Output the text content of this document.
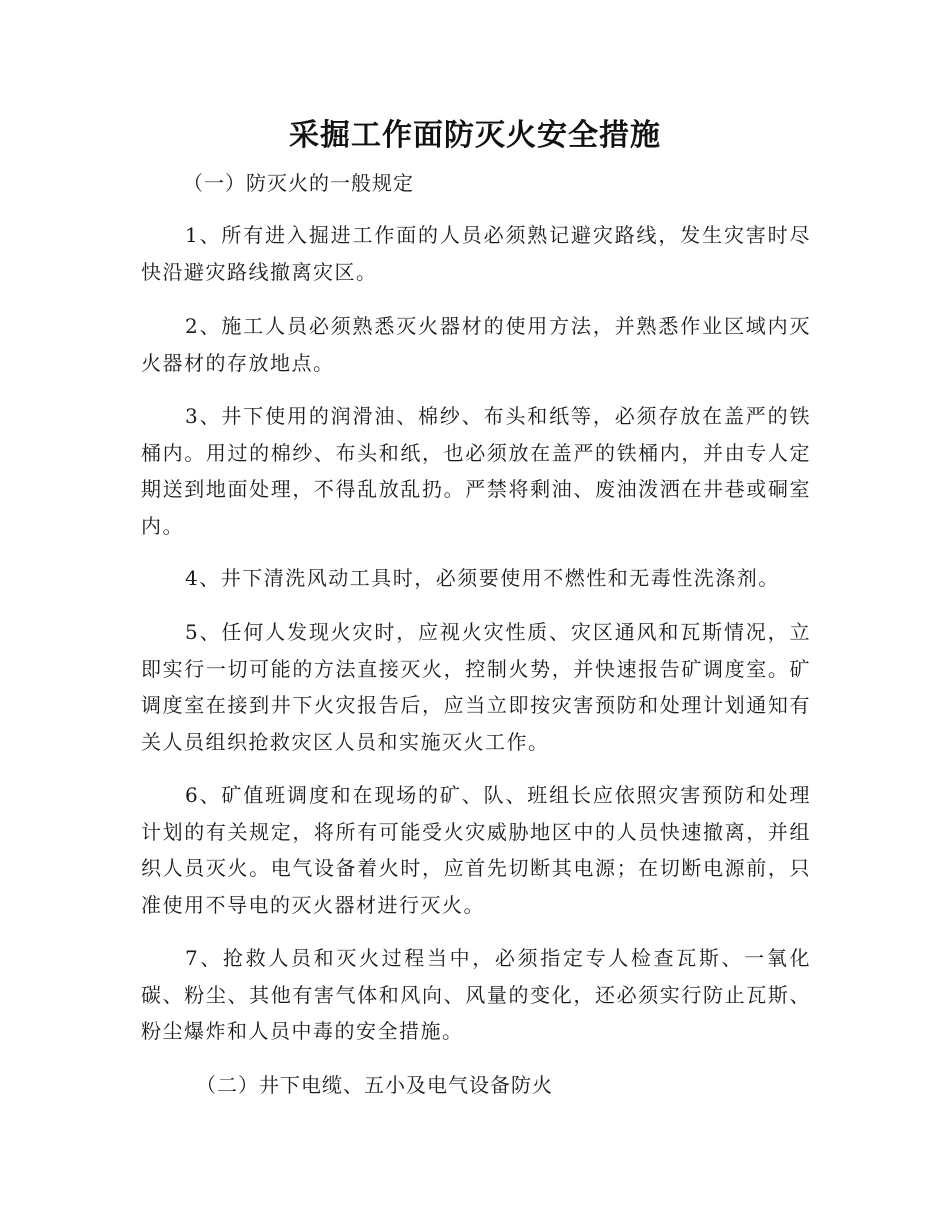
采掘工作面防灭火安全措施
（一）防灭火的一般规定

1、所有进入掘进工作面的人员必须熟记避灾路线，发生灾害时尽快沿避灾路线撤离灾区。

2、施工人员必须熟悉灭火器材的使用方法，并熟悉作业区域内灭火器材的存放地点。

3、井下使用的润滑油、棉纱、布头和纸等，必须存放在盖严的铁桶内。用过的棉纱、布头和纸，也必须放在盖严的铁桶内，并由专人定期送到地面处理，不得乱放乱扔。严禁将剩油、废油泼洒在井巷或硐室内。

4、井下清洗风动工具时，必须要使用不燃性和无毒性洗涤剂。

5、任何人发现火灾时，应视火灾性质、灾区通风和瓦斯情况，立即实行一切可能的方法直接灭火，控制火势，并快速报告矿调度室。矿调度室在接到井下火灾报告后，应当立即按灾害预防和处理计划通知有关人员组织抢救灾区人员和实施灭火工作。

6、矿值班调度和在现场的矿、队、班组长应依照灾害预防和处理计划的有关规定，将所有可能受火灾威胁地区中的人员快速撤离，并组织人员灭火。电气设备着火时，应首先切断其电源；在切断电源前，只准使用不导电的灭火器材进行灭火。

7、抢救人员和灭火过程当中，必须指定专人检查瓦斯、一氧化碳、粉尘、其他有害气体和风向、风量的变化，还必须实行防止瓦斯、粉尘爆炸和人员中毒的安全措施。

（二）井下电缆、五小及电气设备防火
